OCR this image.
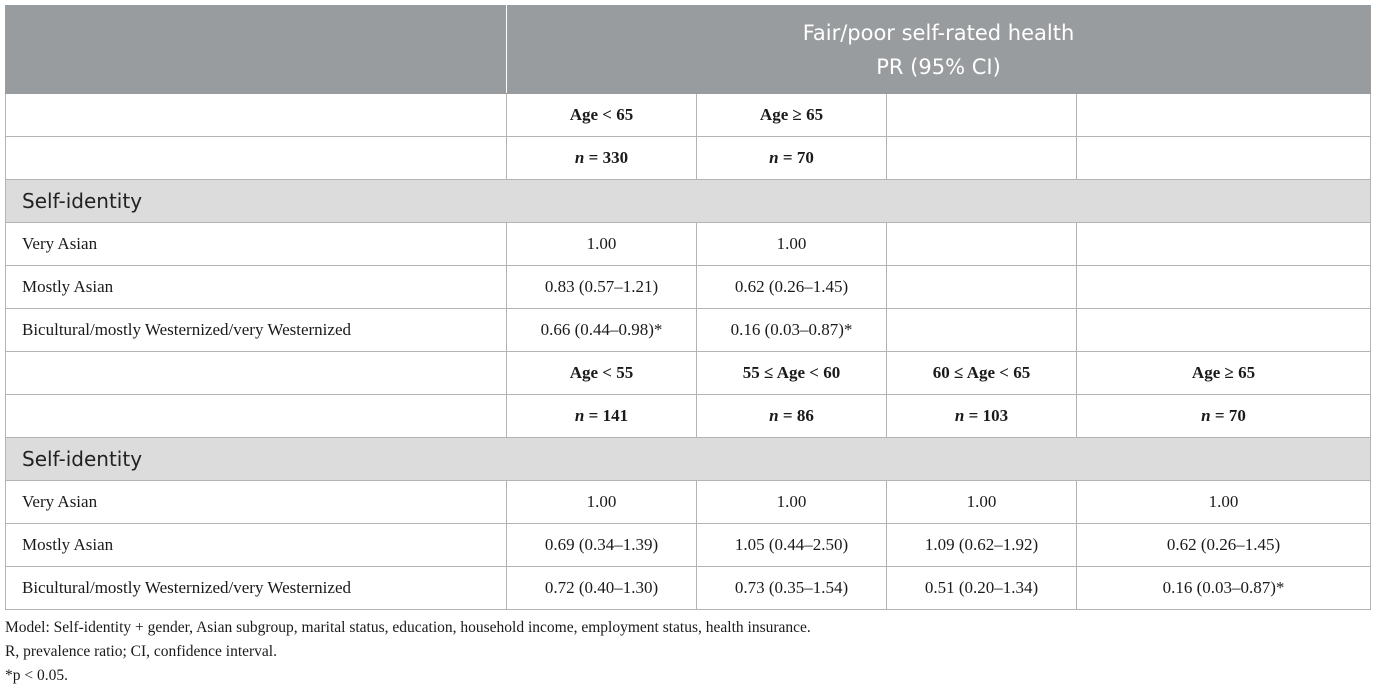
	Fair/poor self-rated health
PR (95% CI)			

	Age < 65	Age ≥ 65		
	n = 330	n = 70		
Self-identity				
Very Asian	1.00	1.00		
Mostly Asian	0.83 (0.57–1.21)	0.62 (0.26–1.45)		
Bicultural/mostly Westernized/very Westernized	0.66 (0.44–0.98)*	0.16 (0.03–0.87)*		
	Age < 55	55 ≤ Age < 60	60 ≤ Age < 65	Age ≥ 65
	n = 141	n = 86	n = 103	n = 70
Self-identity				
Very Asian	1.00	1.00	1.00	1.00
Mostly Asian	0.69 (0.34–1.39)	1.05 (0.44–2.50)	1.09 (0.62–1.92)	0.62 (0.26–1.45)
Bicultural/mostly Westernized/very Westernized	0.72 (0.40–1.30)	0.73 (0.35–1.54)	0.51 (0.20–1.34)	0.16 (0.03–0.87)*
Model: Self-identity + gender, Asian subgroup, marital status, education, household income, employment status, health insurance.
R, prevalence ratio; CI, confidence interval.
*p < 0.05.
